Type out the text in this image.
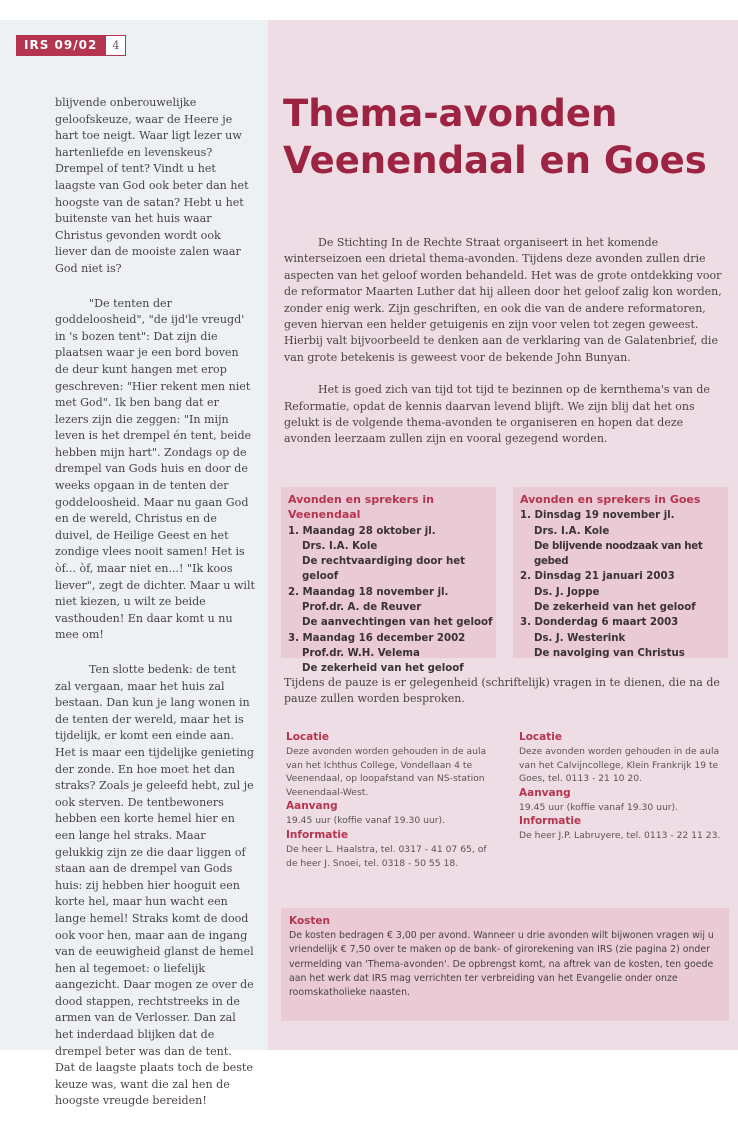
IRS 09/02	4

blijvende onberouwelijke geloofskeuze, waar de Heere je hart toe neigt. Waar ligt lezer uw hartenliefde en levenskeus? Drempel of tent? Vindt u het laagste van God ook beter dan het hoogste van de satan? Hebt u het buitenste van het huis waar Christus gevonden wordt ook liever dan de mooiste zalen waar God niet is?

"De tenten der goddeloosheid", "de ijd'le vreugd' in 's bozen tent": Dat zijn die plaatsen waar je een bord boven de deur kunt hangen met erop geschreven: "Hier rekent men niet met God". Ik ben bang dat er lezers zijn die zeggen: "In mijn leven is het drempel én tent, beide hebben mijn hart". Zondags op de drempel van Gods huis en door de weeks opgaan in de tenten der goddeloosheid. Maar nu gaan God en de wereld, Christus en de duivel, de Heilige Geest en het zondige vlees nooit samen! Het is òf... òf, maar niet en...! "Ik koos liever", zegt de dichter. Maar u wilt niet kiezen, u wilt ze beide vasthouden! En daar komt u nu mee om!

Ten slotte bedenk: de tent zal vergaan, maar het huis zal bestaan. Dan kun je lang wonen in de tenten der wereld, maar het is tijdelijk, er komt een einde aan. Het is maar een tijdelijke genieting der zonde. En hoe moet het dan straks? Zoals je geleefd hebt, zul je ook sterven. De tentbewoners hebben een korte hemel hier en een lange hel straks. Maar gelukkig zijn ze die daar liggen of staan aan de drempel van Gods huis: zij hebben hier hooguit een korte hel, maar hun wacht een lange hemel! Straks komt de dood ook voor hen, maar aan de ingang van de eeuwigheid glanst de hemel hen al tegemoet: o liefelijk aangezicht. Daar mogen ze over de dood stappen, rechtstreeks in de armen van de Verlosser. Dan zal het inderdaad blijken dat de drempel beter was dan de tent. Dat de laagste plaats toch de beste keuze was, want die zal hen de hoogste vreugde bereiden!

Thema-avonden
Veenendaal en Goes

De Stichting In de Rechte Straat organiseert in het komende winterseizoen een drietal thema-avonden. Tijdens deze avonden zullen drie aspecten van het geloof worden behandeld. Het was de grote ontdekking voor de reformator Maarten Luther dat hij alleen door het geloof zalig kon worden, zonder enig werk. Zijn geschriften, en ook die van de andere reformatoren, geven hiervan een helder getuigenis en zijn voor velen tot zegen geweest. Hierbij valt bijvoorbeeld te denken aan de verklaring van de Galatenbrief, die van grote betekenis is geweest voor de bekende John Bunyan.

Het is goed zich van tijd tot tijd te bezinnen op de kernthema's van de Reformatie, opdat de kennis daarvan levend blijft. We zijn blij dat het ons gelukt is de volgende thema-avonden te organiseren en hopen dat deze avonden leerzaam zullen zijn en vooral gezegend worden.

Avonden en sprekers in Veenendaal
1. Maandag 28 oktober jl.
Drs. I.A. Kole
De rechtvaardiging door het geloof
2. Maandag 18 november jl.
Prof.dr. A. de Reuver
De aanvechtingen van het geloof
3. Maandag 16 december 2002
Prof.dr. W.H. Velema
De zekerheid van het geloof
Avonden en sprekers in Goes
1. Dinsdag 19 november jl.
Drs. I.A. Kole
De blijvende noodzaak van het gebed
2. Dinsdag 21 januari 2003
Ds. J. Joppe
De zekerheid van het geloof
3. Donderdag 6 maart 2003
Ds. J. Westerink
De navolging van Christus
Tijdens de pauze is er gelegenheid (schriftelijk) vragen in te dienen, die na de pauze zullen worden besproken.
Locatie
Deze avonden worden gehouden in de aula van het Ichthus College, Vondellaan 4 te Veenendaal, op loopafstand van NS-station Veenendaal-West.
Aanvang
19.45 uur (koffie vanaf 19.30 uur).
Informatie
De heer L. Haalstra, tel. 0317 - 41 07 65, of de heer J. Snoei, tel. 0318 - 50 55 18.
Locatie
Deze avonden worden gehouden in de aula van het Calvijncollege, Klein Frankrijk 19 te Goes, tel. 0113 - 21 10 20.
Aanvang
19.45 uur (koffie vanaf 19.30 uur).
Informatie
De heer J.P. Labruyere, tel. 0113 - 22 11 23.
Kosten
De kosten bedragen € 3,00 per avond. Wanneer u drie avonden wilt bijwonen vragen wij u vriendelijk € 7,50 over te maken op de bank- of girorekening van IRS (zie pagina 2) onder vermelding van 'Thema-avonden'. De opbrengst komt, na aftrek van de kosten, ten goede aan het werk dat IRS mag verrichten ter verbreiding van het Evangelie onder onze roomskatholieke naasten.
